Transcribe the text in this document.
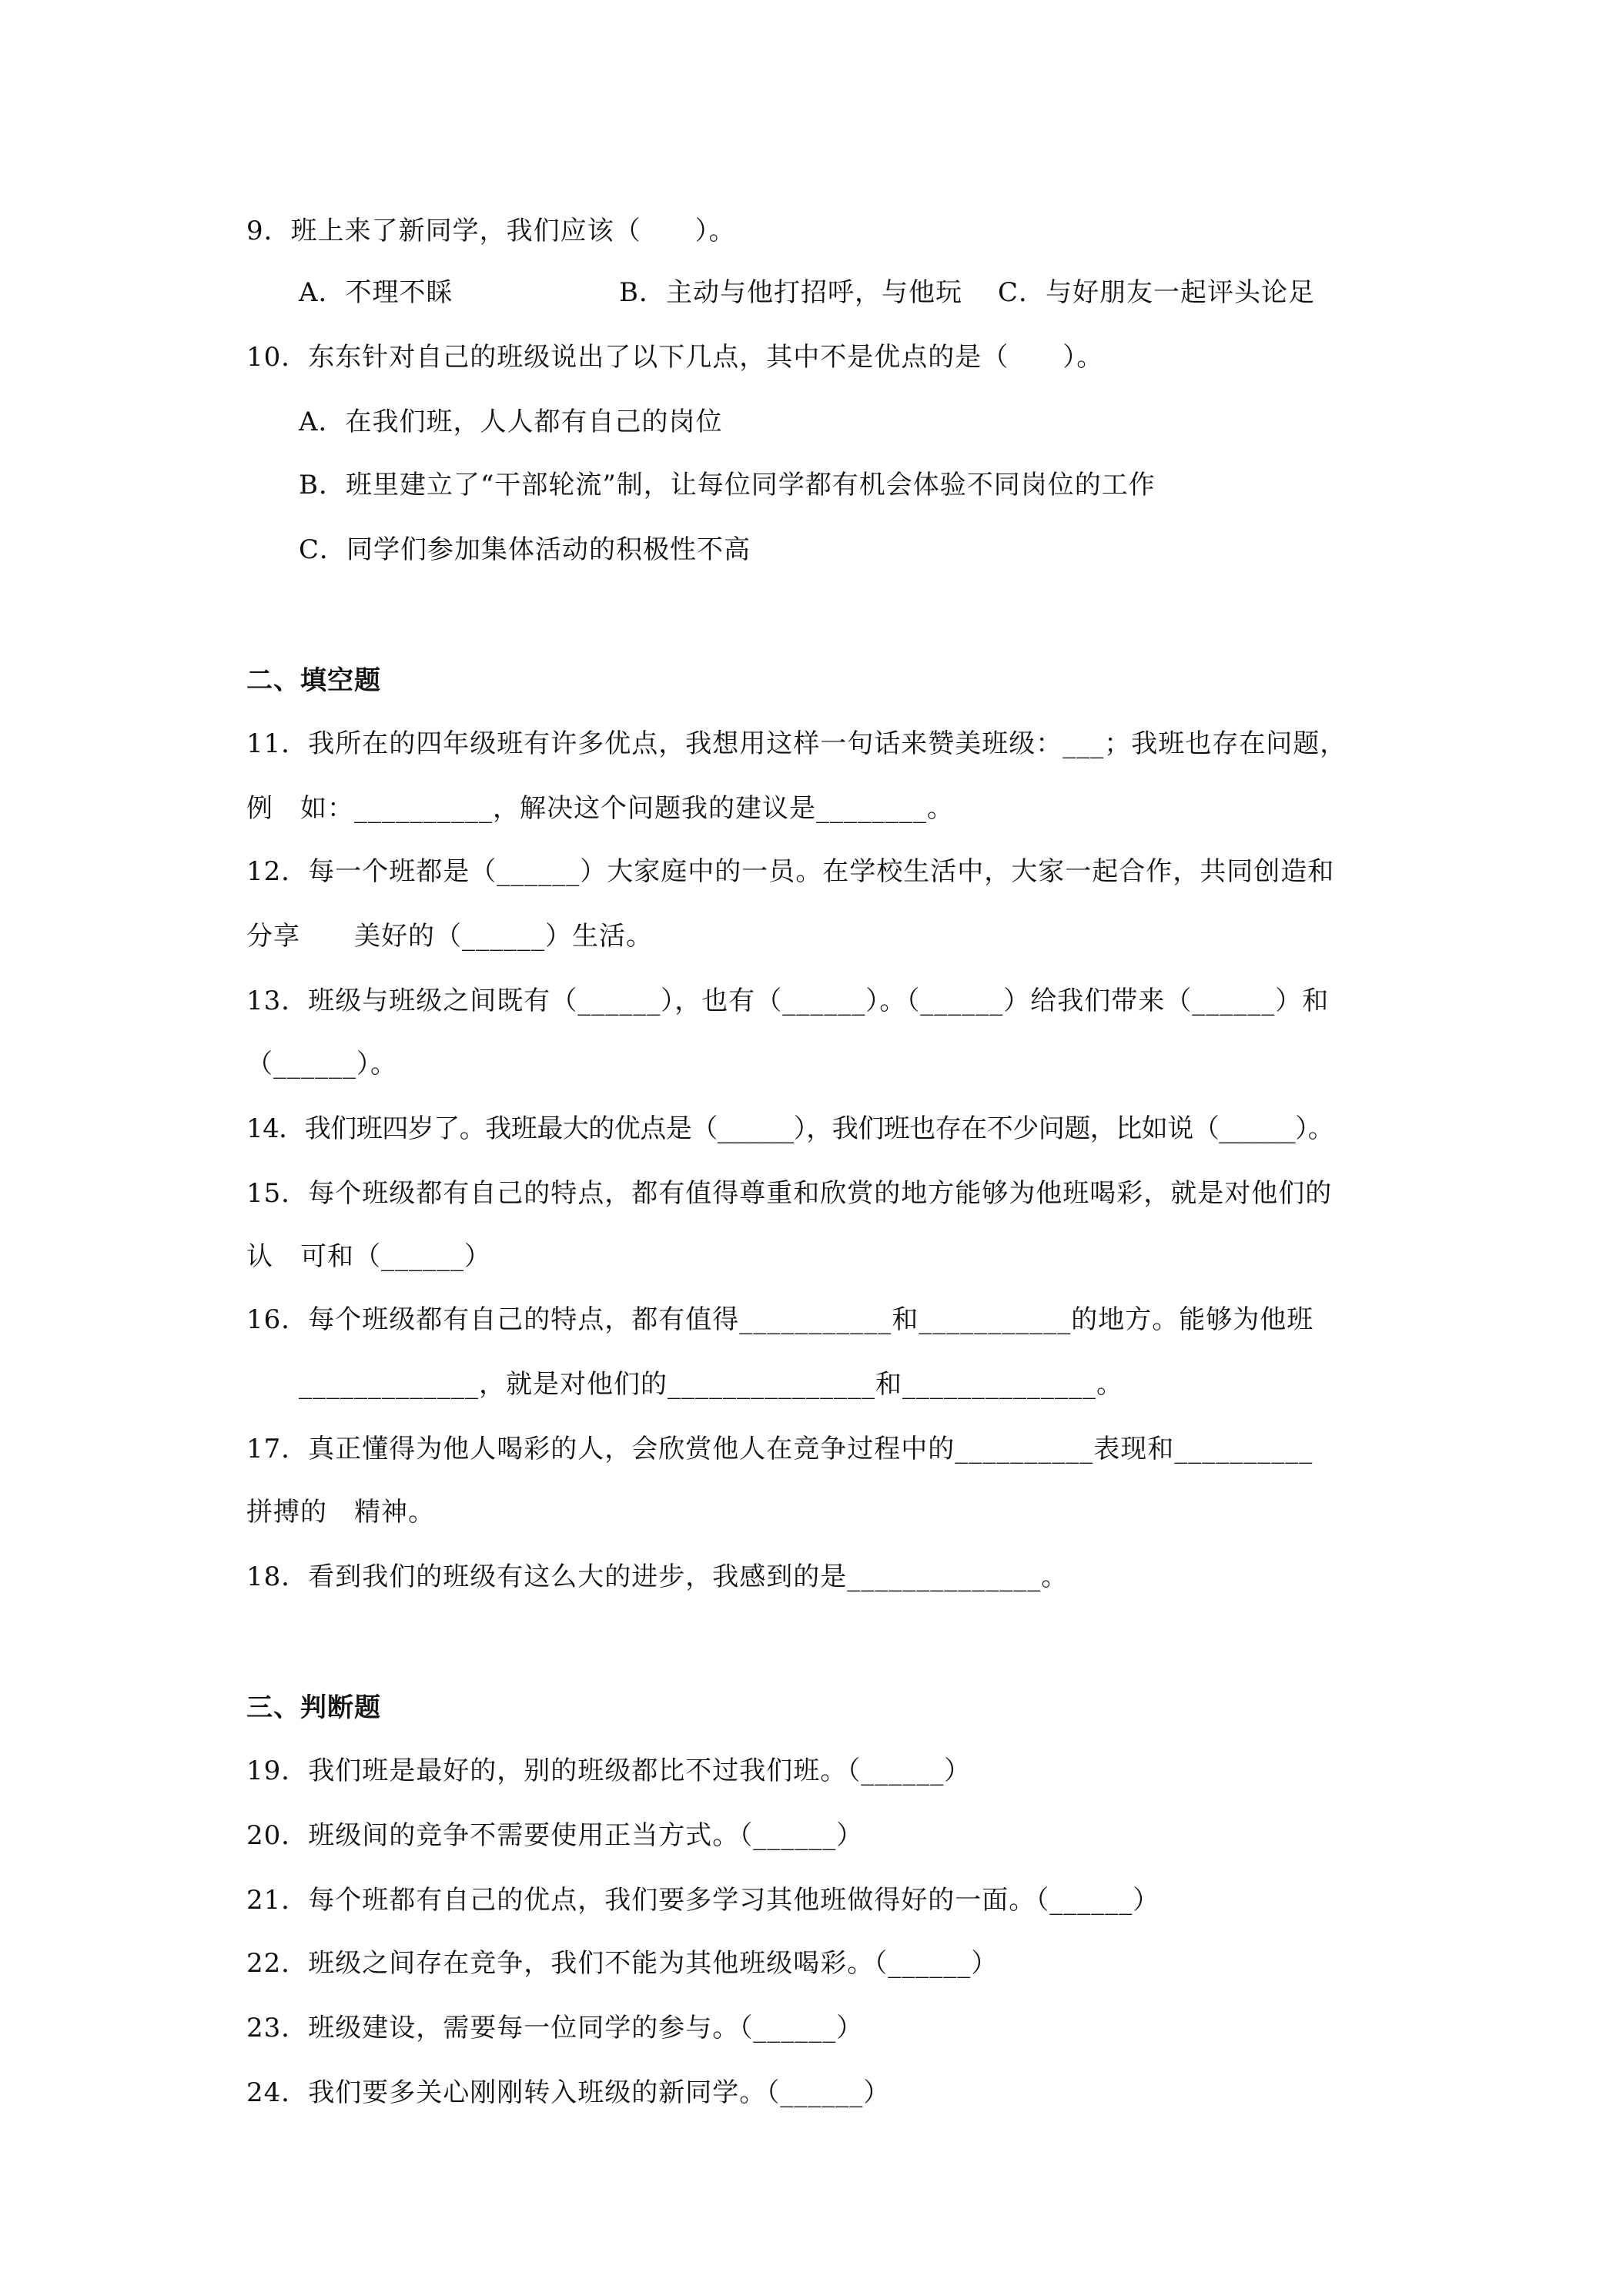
9．班上来了新同学，我们应该（　　）。

A．不理不睬

	B．主动与他打招呼，与他玩

C．与好朋友一起评头论足

10．东东针对自己的班级说出了以下几点，其中不是优点的是（　　）。
A．在我们班，人人都有自己的岗位
B．班里建立了“干部轮流”制，让每位同学都有机会体验不同岗位的工作
C．同学们参加集体活动的积极性不高
二、填空题
11．我所在的四年级班有许多优点，我想用这样一句话来赞美班级：___；我班也存在问题，
例　如：__________，解决这个问题我的建议是________。
12．每一个班都是（______）大家庭中的一员。在学校生活中，大家一起合作，共同创造和
分享　　美好的（______）生活。
13．班级与班级之间既有（______），也有（______）。（______）给我们带来（______）和
（______）。
14．我们班四岁了。我班最大的优点是（______），我们班也存在不少问题，比如说（______）。
15．每个班级都有自己的特点，都有值得尊重和欣赏的地方能够为他班喝彩，就是对他们的
认　可和（______）
16．每个班级都有自己的特点，都有值得___________和___________的地方。能够为他班
_____________，就是对他们的_______________和______________。
17．真正懂得为他人喝彩的人，会欣赏他人在竞争过程中的__________表现和__________
拼搏的　精神。
18．看到我们的班级有这么大的进步，我感到的是______________。
三、判断题
19．我们班是最好的，别的班级都比不过我们班。（______）
20．班级间的竞争不需要使用正当方式。（______）
21．每个班都有自己的优点，我们要多学习其他班做得好的一面。（______）
22．班级之间存在竞争，我们不能为其他班级喝彩。（______）
23．班级建设，需要每一位同学的参与。（______）
24．我们要多关心刚刚转入班级的新同学。（______）
